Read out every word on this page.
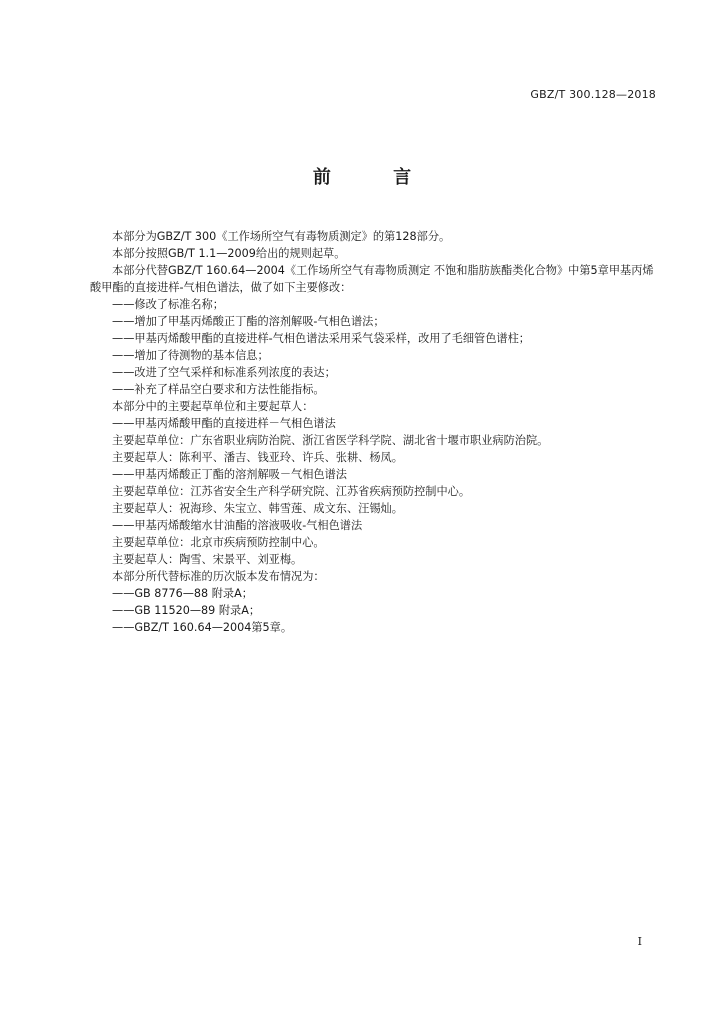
GBZ/T 300.128—2018
前 言

本部分为GBZ/T 300《工作场所空气有毒物质测定》的第128部分。

本部分按照GB/T 1.1—2009给出的规则起草。

本部分代替GBZ/T 160.64—2004《工作场所空气有毒物质测定 不饱和脂肪族酯类化合物》中第5章甲基丙烯酸甲酯的直接进样-气相色谱法，做了如下主要修改：

——修改了标准名称；

——增加了甲基丙烯酸正丁酯的溶剂解吸-气相色谱法；

——甲基丙烯酸甲酯的直接进样-气相色谱法采用采气袋采样，改用了毛细管色谱柱；

——增加了待测物的基本信息；

——改进了空气采样和标准系列浓度的表达；

——补充了样品空白要求和方法性能指标。

本部分中的主要起草单位和主要起草人：

——甲基丙烯酸甲酯的直接进样－气相色谱法

主要起草单位：广东省职业病防治院、浙江省医学科学院、湖北省十堰市职业病防治院。

主要起草人：陈利平、潘吉、钱亚玲、许兵、张耕、杨凤。

——甲基丙烯酸正丁酯的溶剂解吸－气相色谱法

主要起草单位：江苏省安全生产科学研究院、江苏省疾病预防控制中心。

主要起草人：祝海珍、朱宝立、韩雪莲、成文东、汪锡灿。

——甲基丙烯酸缩水甘油酯的溶液吸收-气相色谱法

主要起草单位：北京市疾病预防控制中心。

主要起草人：陶雪、宋景平、刘亚梅。

本部分所代替标准的历次版本发布情况为：

——GB 8776—88 附录A；

——GB 11520—89 附录A；

——GBZ/T 160.64—2004第5章。

I
